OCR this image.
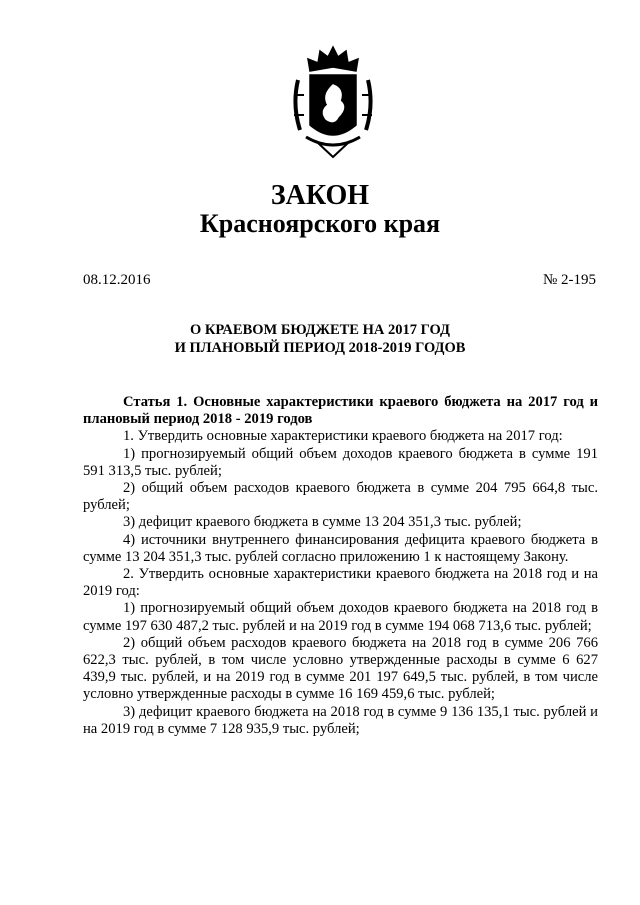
ЗАКОН
Красноярского края
08.12.2016	№ 2-195
О КРАЕВОМ БЮДЖЕТЕ НА 2017 ГОД
И ПЛАНОВЫЙ ПЕРИОД 2018-2019 ГОДОВ

Статья 1. Основные характеристики краевого бюджета на 2017 год и плановый период 2018 - 2019 годов

1. Утвердить основные характеристики краевого бюджета на 2017 год:

1) прогнозируемый общий объем доходов краевого бюджета в сумме 191 591 313,5 тыс. рублей;

2) общий объем расходов краевого бюджета в сумме 204 795 664,8 тыс. рублей;

3) дефицит краевого бюджета в сумме 13 204 351,3 тыс. рублей;

4) источники внутреннего финансирования дефицита краевого бюджета в сумме 13 204 351,3 тыс. рублей согласно приложению 1 к настоящему Закону.

2. Утвердить основные характеристики краевого бюджета на 2018 год и на 2019 год:

1) прогнозируемый общий объем доходов краевого бюджета на 2018 год в сумме 197 630 487,2 тыс. рублей и на 2019 год в сумме 194 068 713,6 тыс. рублей;

2) общий объем расходов краевого бюджета на 2018 год в сумме 206 766 622,3 тыс. рублей, в том числе условно утвержденные расходы в сумме 6 627 439,9 тыс. рублей, и на 2019 год в сумме 201 197 649,5 тыс. рублей, в том числе условно утвержденные расходы в сумме 16 169 459,6 тыс. рублей;

3) дефицит краевого бюджета на 2018 год в сумме 9 136 135,1 тыс. рублей и на 2019 год в сумме 7 128 935,9 тыс. рублей;
